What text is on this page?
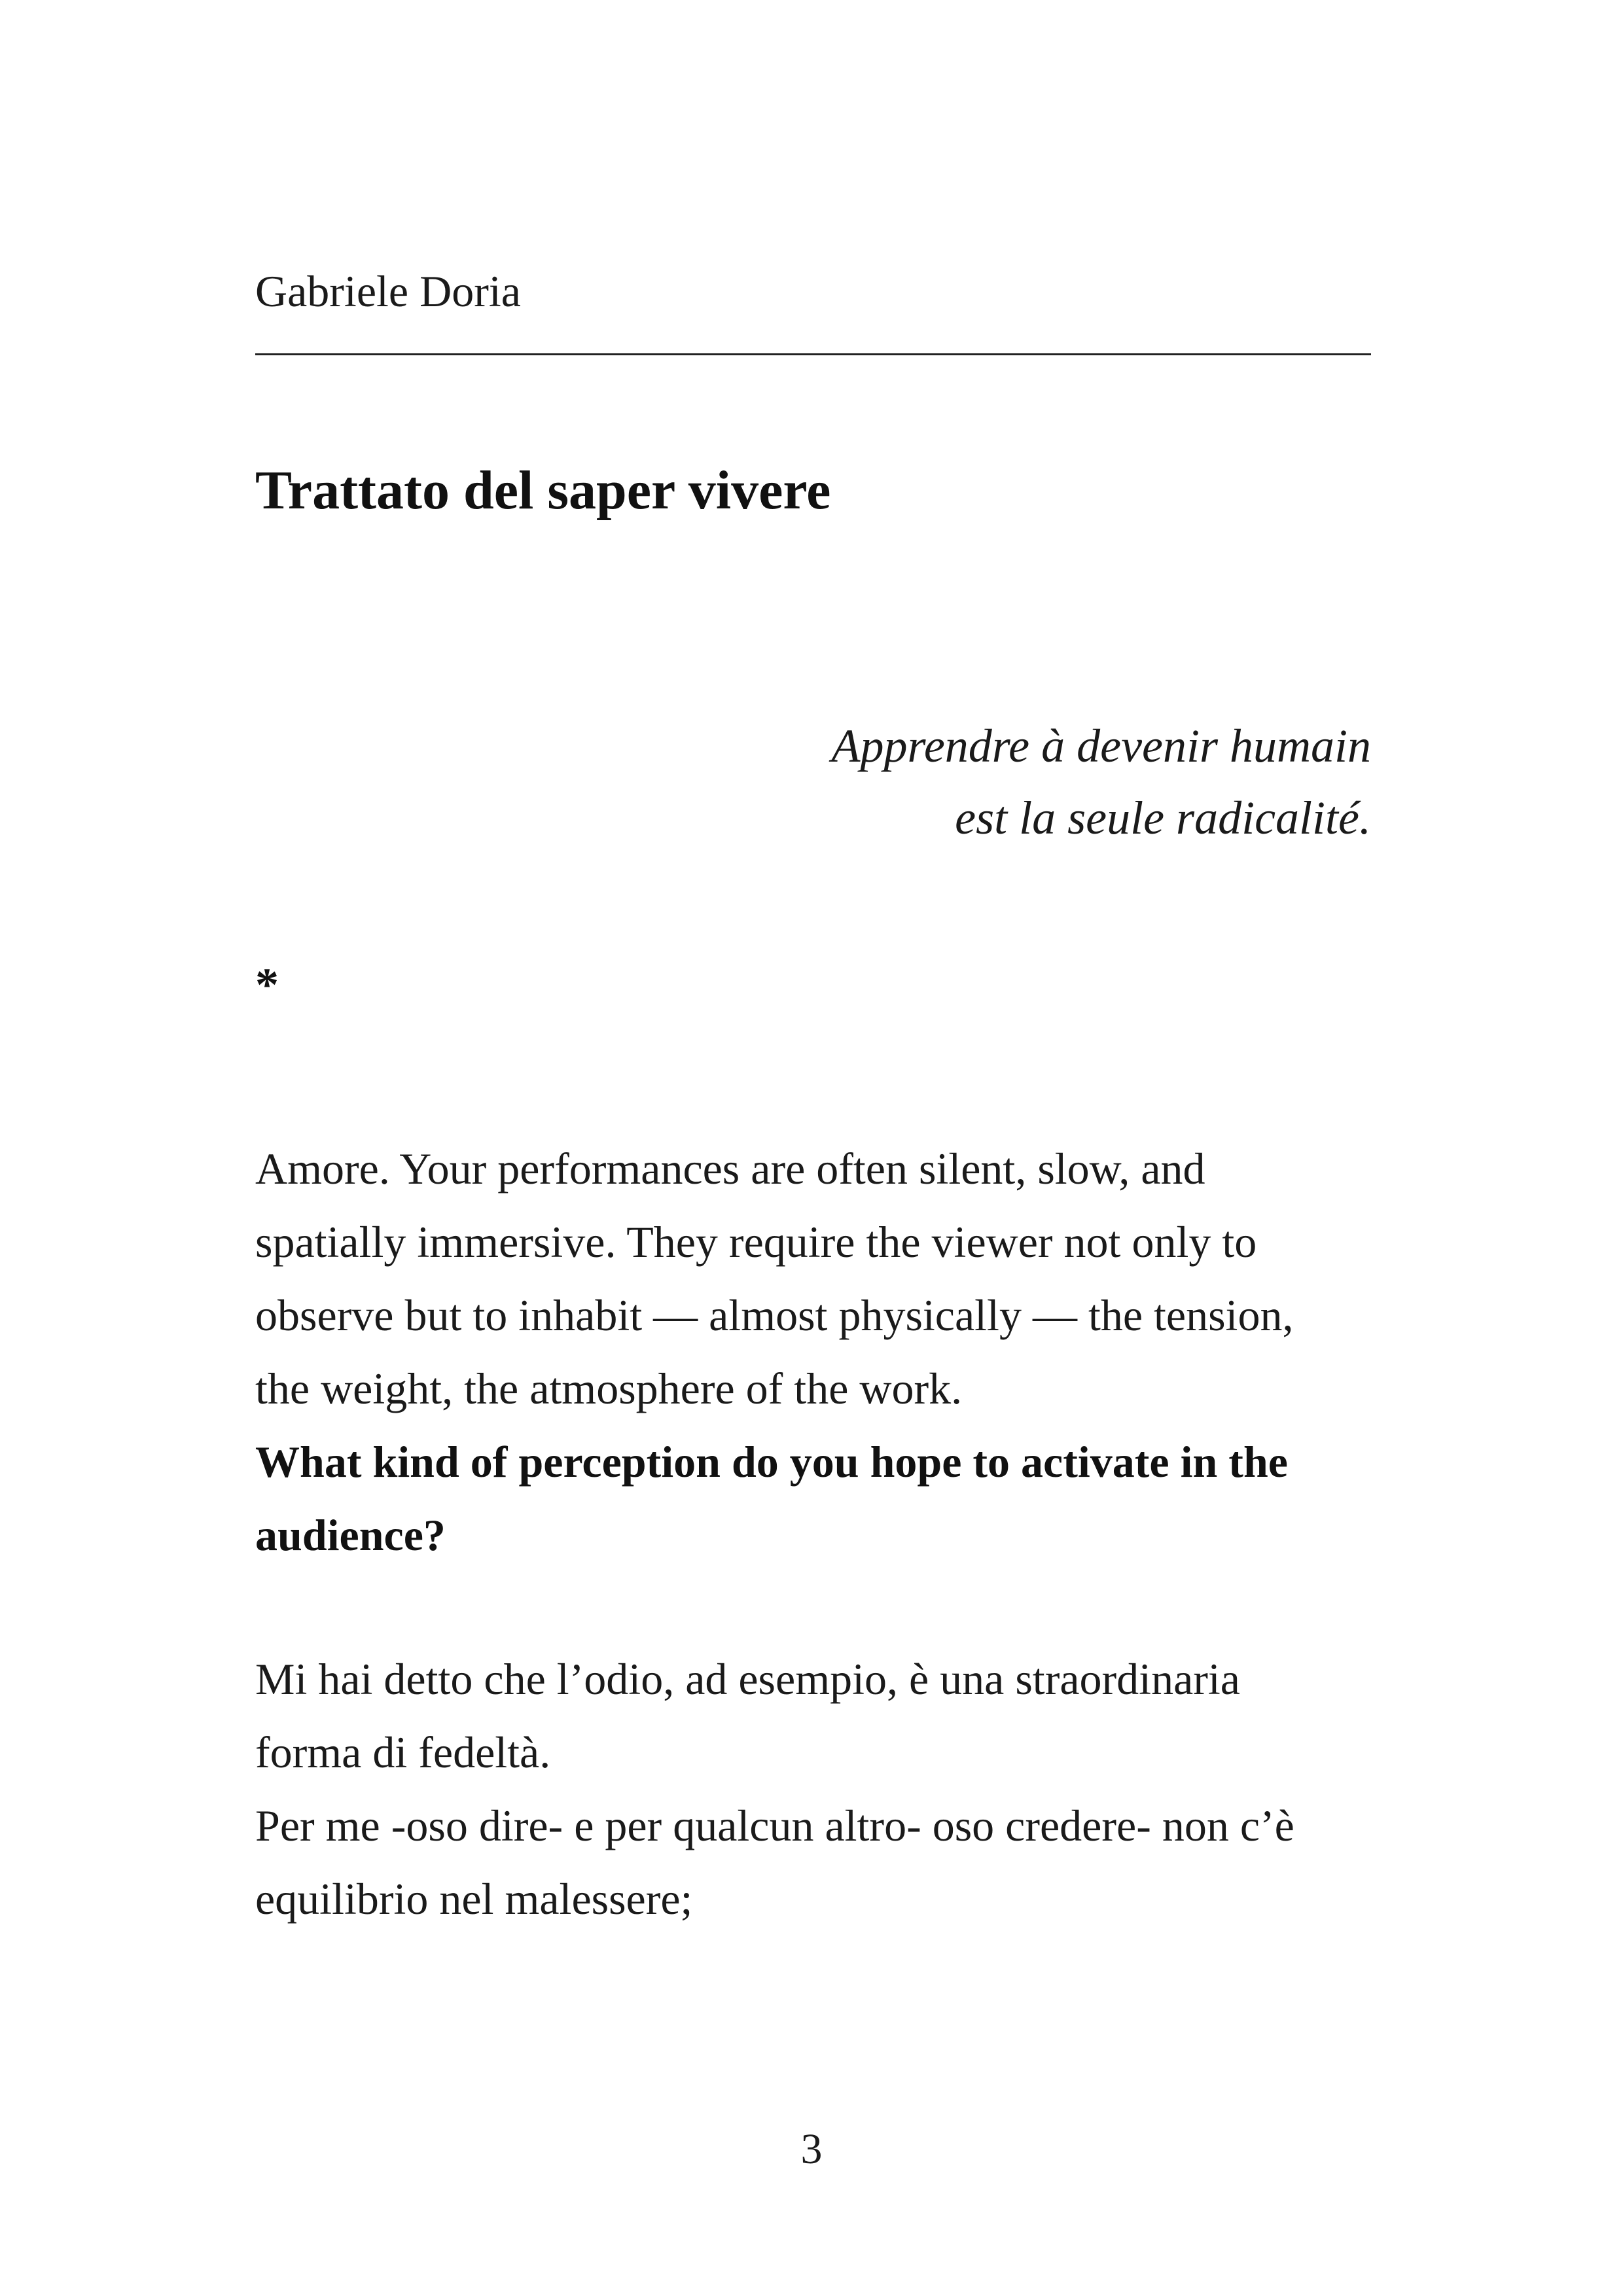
Gabriele Doria
Trattato del saper vivere
Apprendre à devenir humain
est la seule radicalité.
*
Amore. Your performances are often silent, slow, and
spatially immersive. They require the viewer not only to
observe but to inhabit — almost physically — the tension,
the weight, the atmosphere of the work.
What kind of perception do you hope to activate in the
audience?
Mi hai detto che l’odio, ad esempio, è una straordinaria
forma di fedeltà.
Per me -oso dire- e per qualcun altro- oso credere- non c’è
equilibrio nel malessere;
3
